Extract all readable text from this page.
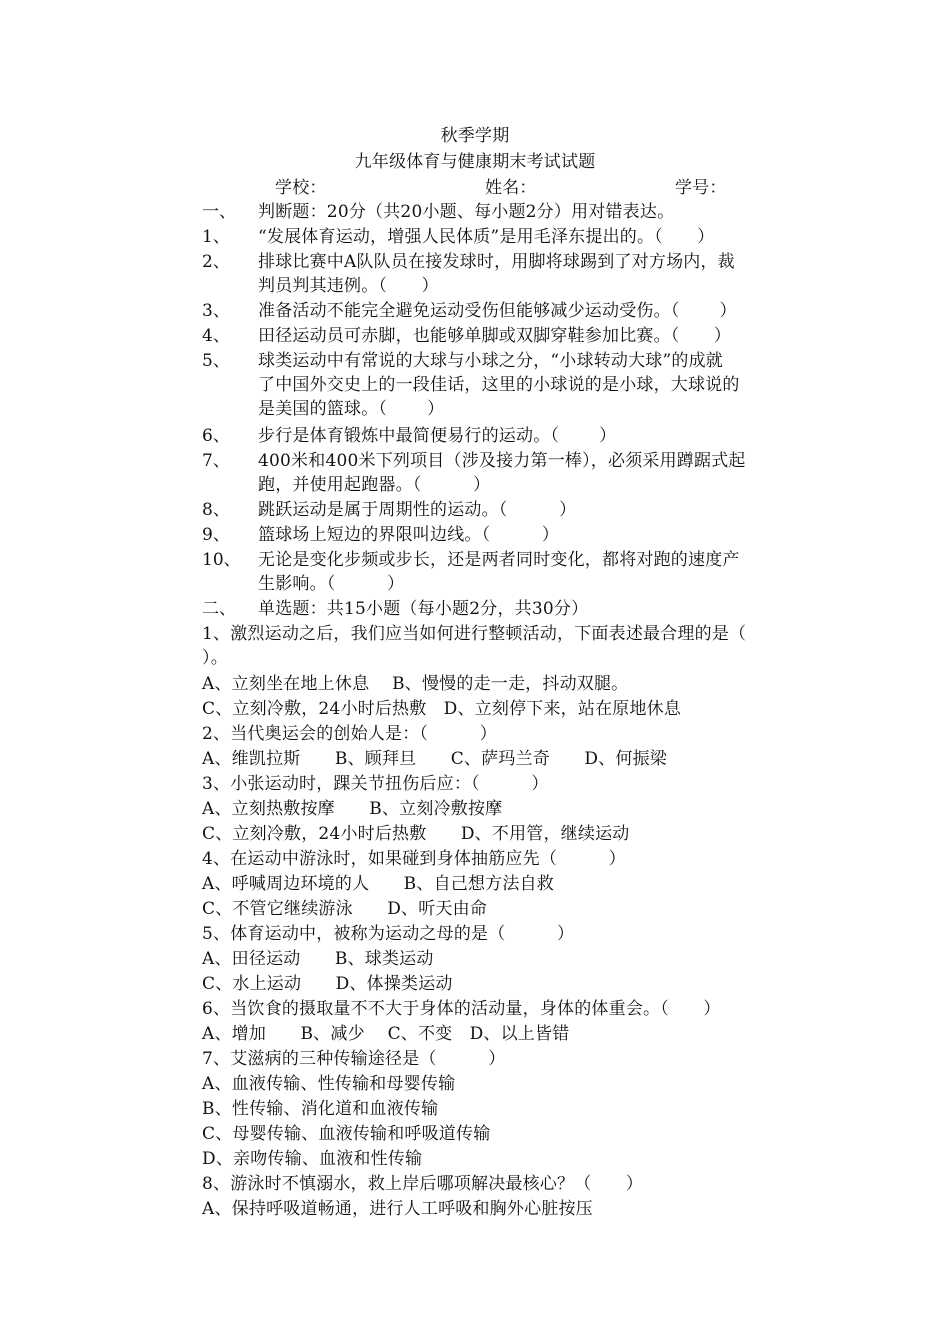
秋季学期
九年级体育与健康期末考试试题
学校：	姓名：	学号：
一、 判断题：20分（共20小题、每小题2分）用对错表达。
1、 “发展体育运动，增强人民体质”是用毛泽东提出的。（　　）
2、 排球比赛中A队队员在接发球时，用脚将球踢到了对方场内，裁
判员判其违例。（　　）
3、 准备活动不能完全避免运动受伤但能够减少运动受伤。（　　 ）
4、 田径运动员可赤脚，也能够单脚或双脚穿鞋参加比赛。（　　）
5、 球类运动中有常说的大球与小球之分，“小球转动大球”的成就
了中国外交史上的一段佳话，这里的小球说的是小球，大球说的
是美国的篮球。（　　 ）
6、 步行是体育锻炼中最简便易行的运动。（　　 ）
7、 400米和400米下列项目（涉及接力第一棒），必须采用蹲踞式起
跑，并使用起跑器。（　　　）
8、 跳跃运动是属于周期性的运动。（　　　）
9、 篮球场上短边的界限叫边线。（　　　）
10、 无论是变化步频或步长，还是两者同时变化，都将对跑的速度产
生影响。（　　　）
二、 单选题：共15小题（每小题2分，共30分）
1、激烈运动之后，我们应当如何进行整顿活动，下面表述最合理的是（
）。
A、立刻坐在地上休息　 B、慢慢的走一走，抖动双腿。
C、立刻冷敷，24小时后热敷　D、立刻停下来，站在原地休息
2、当代奥运会的创始人是：（　　　）
A、维凯拉斯　　B、顾拜旦　　C、萨玛兰奇　　D、何振梁
3、小张运动时，踝关节扭伤后应：（　　　）
A、立刻热敷按摩　　B、立刻冷敷按摩
C、立刻冷敷，24小时后热敷　　D、不用管，继续运动
4、在运动中游泳时，如果碰到身体抽筋应先（　　　）
A、呼喊周边环境的人　　B、自己想方法自救
C、不管它继续游泳　　D、听天由命
5、体育运动中，被称为运动之母的是（　　　）
A、田径运动　　B、球类运动
C、水上运动　　D、体操类运动
6、当饮食的摄取量不不大于身体的活动量，身体的体重会。（　　）
A、增加　　B、减少　 C、不变　D、以上皆错
7、艾滋病的三种传输途径是（　　　）
A、血液传输、性传输和母婴传输
B、性传输、消化道和血液传输
C、母婴传输、血液传输和呼吸道传输
D、亲吻传输、血液和性传输
8、游泳时不慎溺水，救上岸后哪项解决最核心？（　　）
A、保持呼吸道畅通，进行人工呼吸和胸外心脏按压
